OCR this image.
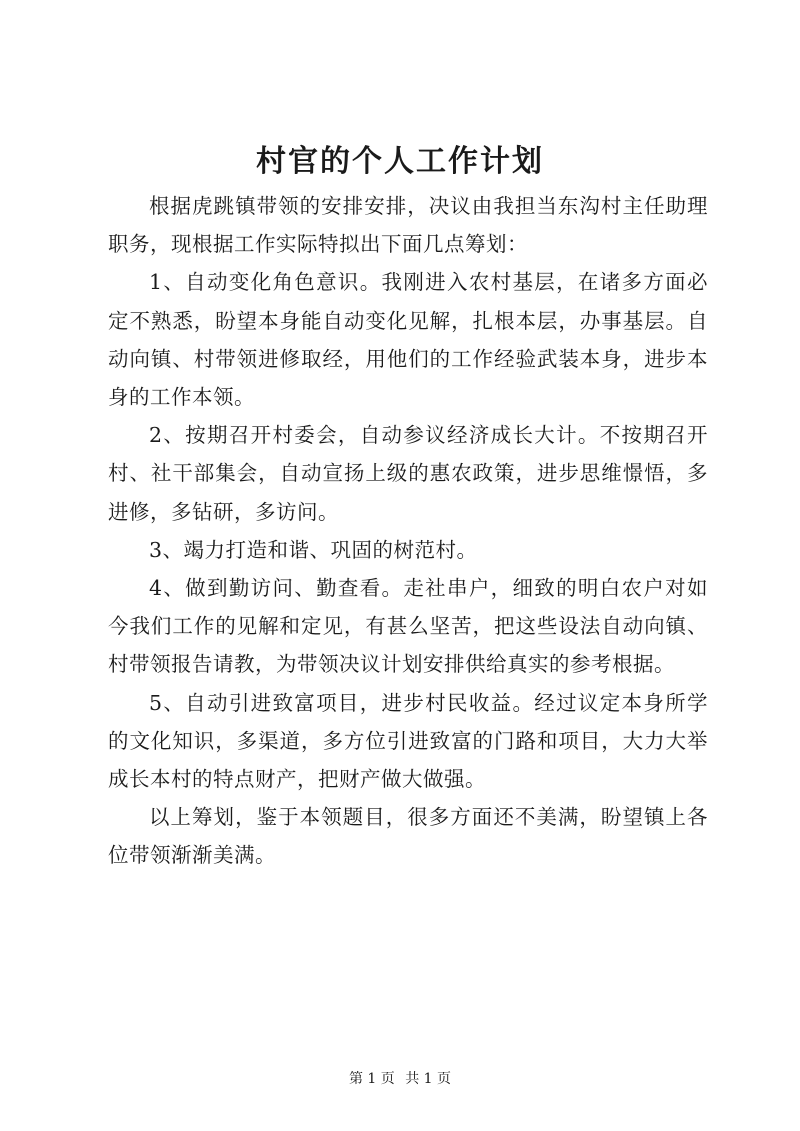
村官的个人工作计划

根据虎跳镇带领的安排安排，决议由我担当东沟村主任助理职务，现根据工作实际特拟出下面几点筹划：

1、自动变化角色意识。我刚进入农村基层，在诸多方面必定不熟悉，盼望本身能自动变化见解，扎根本层，办事基层。自动向镇、村带领进修取经，用他们的工作经验武装本身，进步本身的工作本领。

2、按期召开村委会，自动参议经济成长大计。不按期召开村、社干部集会，自动宣扬上级的惠农政策，进步思维憬悟，多进修，多钻研，多访问。

3、竭力打造和谐、巩固的树范村。

4、做到勤访问、勤查看。走社串户，细致的明白农户对如今我们工作的见解和定见，有甚么坚苦，把这些设法自动向镇、村带领报告请教，为带领决议计划安排供给真实的参考根据。

5、自动引进致富项目，进步村民收益。经过议定本身所学的文化知识，多渠道，多方位引进致富的门路和项目，大力大举成长本村的特点财产，把财产做大做强。

以上筹划，鉴于本领题目，很多方面还不美满，盼望镇上各位带领渐渐美满。

第 1 页 共 1 页
